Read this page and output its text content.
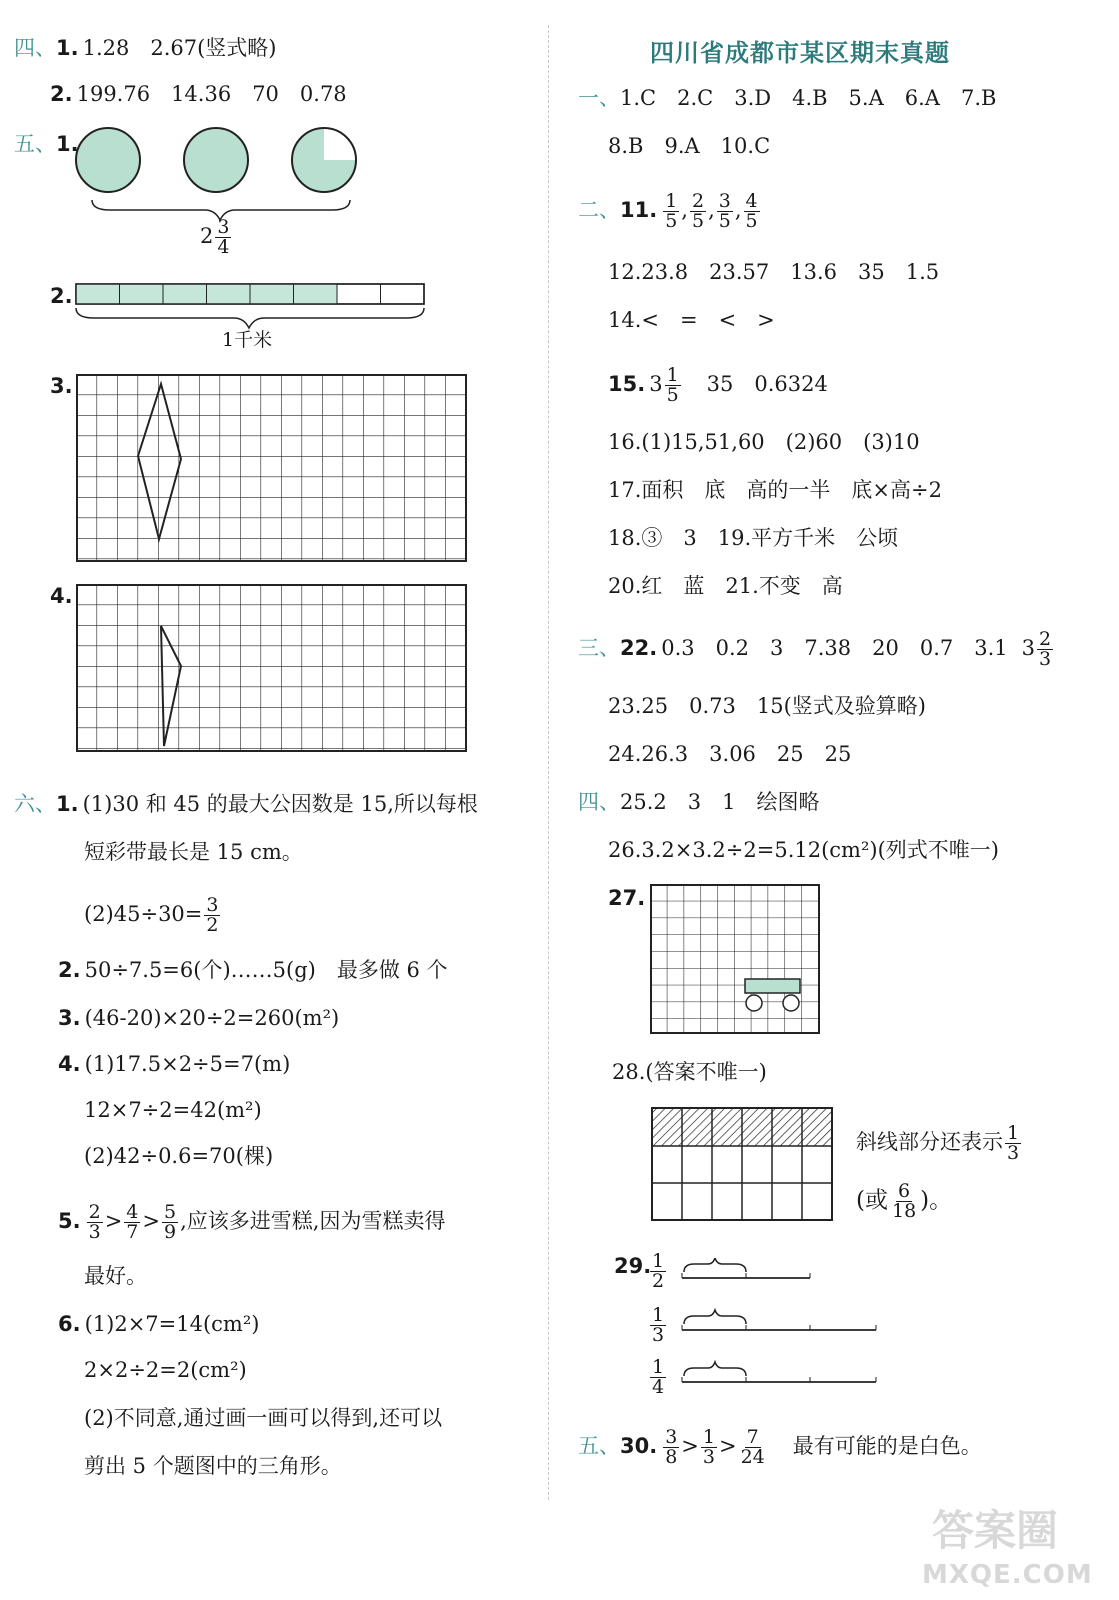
四、1. 1.28　2.67(竖式略)
2. 199.76　14.36　70　0.78
五、1.
$2 \frac{3}{4}$
2.
1千米
3.
4.
六、1. (1)30 和 45 的最大公因数是 15,所以每根
短彩带最长是 15 cm。
$(2)45\div 30= \frac{3}{2}$
2. 50÷7.5=6(个)……5(g)　最多做 6 个
3. (46-20)×20÷2=260(m²)
4. (1)17.5×2÷5=7(m)
12×7÷2=42(m²)
(2)42÷0.6=70(棵)
5. $\frac{2}{3} > \frac{4}{7} > \frac{5}{9}$ ,应该多进雪糕,因为雪糕卖得
最好。
6. (1)2×7=14(cm²)
2×2÷2=2(cm²)
(2)不同意,通过画一画可以得到,还可以
剪出 5 个题图中的三角形。
四川省成都市某区期末真题
一、1.C　2.C　3.D　4.B　5.A　6.A　7.B
8.B　9.A　10.C
二、11. $\frac{1}{5}$ , $\frac{2}{5}$ , $\frac{3}{5}$ , $\frac{4}{5}$
12.23.8　23.57　13.6　35　1.5
14.<　=　<　>
15. $3 \frac{1}{5} 35$　0.6324
16.(1)15,51,60　(2)60　(3)10
17.面积　底　高的一半　底×高÷2
18.③　3　19.平方千米　公顷
20.红　蓝　21.不变　高
三、22. 0.3　0.2　3　7.38　20　0.7　3.1 $3 \frac{2}{3}$
23.25　0.73　15(竖式及验算略)
24.26.3　3.06　25　25
四、25.2　3　1　绘图略
26.3.2×3.2÷2=5.12(cm²)(列式不唯一)
27.
28.(答案不唯一)
斜线部分还表示 $\frac{1}{3}$
(或 $\frac{6}{18}$ )。
29.
$\frac{1}{2}$
$\frac{1}{3}$
$\frac{1}{4}$
五、30. $\frac{3}{8} > \frac{1}{3} > \frac{7}{24}$ 最有可能的是白色。
答案圈
MXQE.COM
